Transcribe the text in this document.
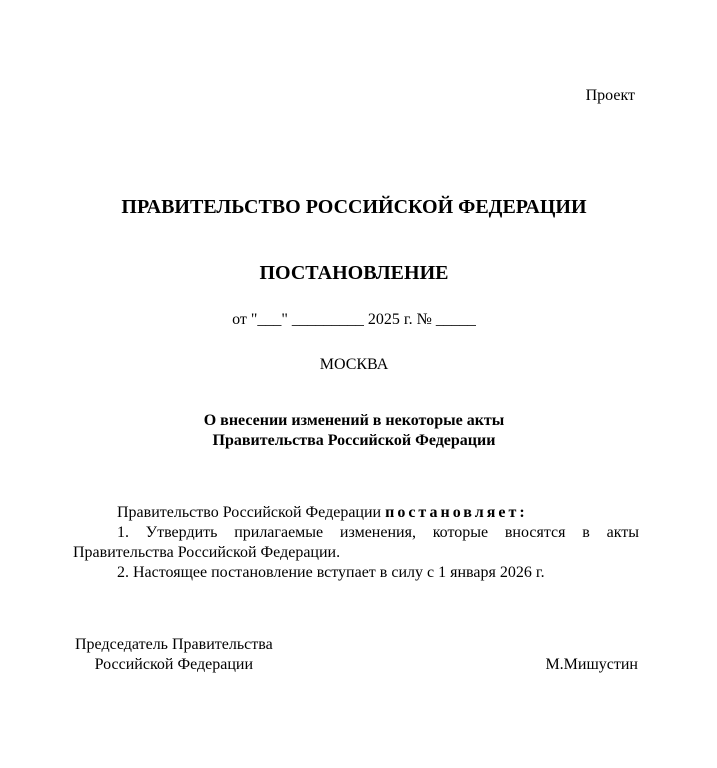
Проект
ПРАВИТЕЛЬСТВО РОССИЙСКОЙ ФЕДЕРАЦИИ
ПОСТАНОВЛЕНИЕ
от "___" _________ 2025 г. № _____
МОСКВА
О внесении изменений в некоторые акты
Правительства Российской Федерации

Правительство Российской Федерации постановляет:

1. Утвердить прилагаемые изменения, которые вносятся в акты Правительства Российской Федерации.

2. Настоящее постановление вступает в силу с 1 января 2026 г.

Председатель Правительства
Российской Федерации	М.Мишустин
